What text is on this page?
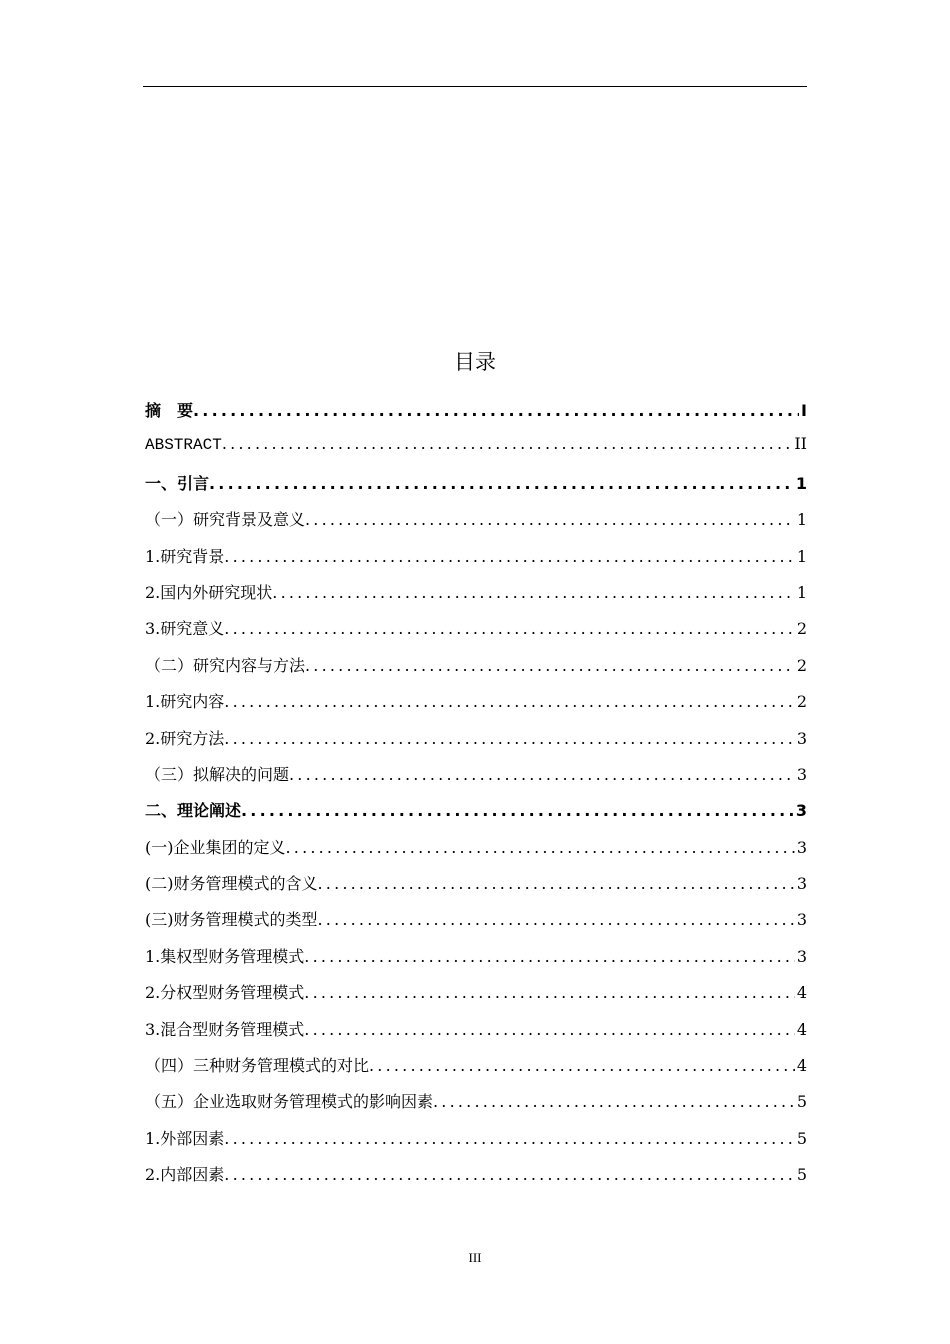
目录
摘　要 .....	I
ABSTRACT .....	II
一、引言 .....	1
（一）研究背景及意义 .....	1
1.研究背景 .....	1
2.国内外研究现状 .....	1
3.研究意义 .....	2
（二）研究内容与方法 .....	2
1.研究内容 .....	2
2.研究方法 .....	3
（三）拟解决的问题 .....	3
二、理论阐述 .....	3
(一)企业集团的定义 .....	3
(二)财务管理模式的含义 .....	3
(三)财务管理模式的类型 .....	3
1.集权型财务管理模式 .....	3
2.分权型财务管理模式 .....	4
3.混合型财务管理模式 .....	4
（四）三种财务管理模式的对比 .....	4
（五）企业选取财务管理模式的影响因素 .....	5
1.外部因素 .....	5
2.内部因素 .....	5
III
